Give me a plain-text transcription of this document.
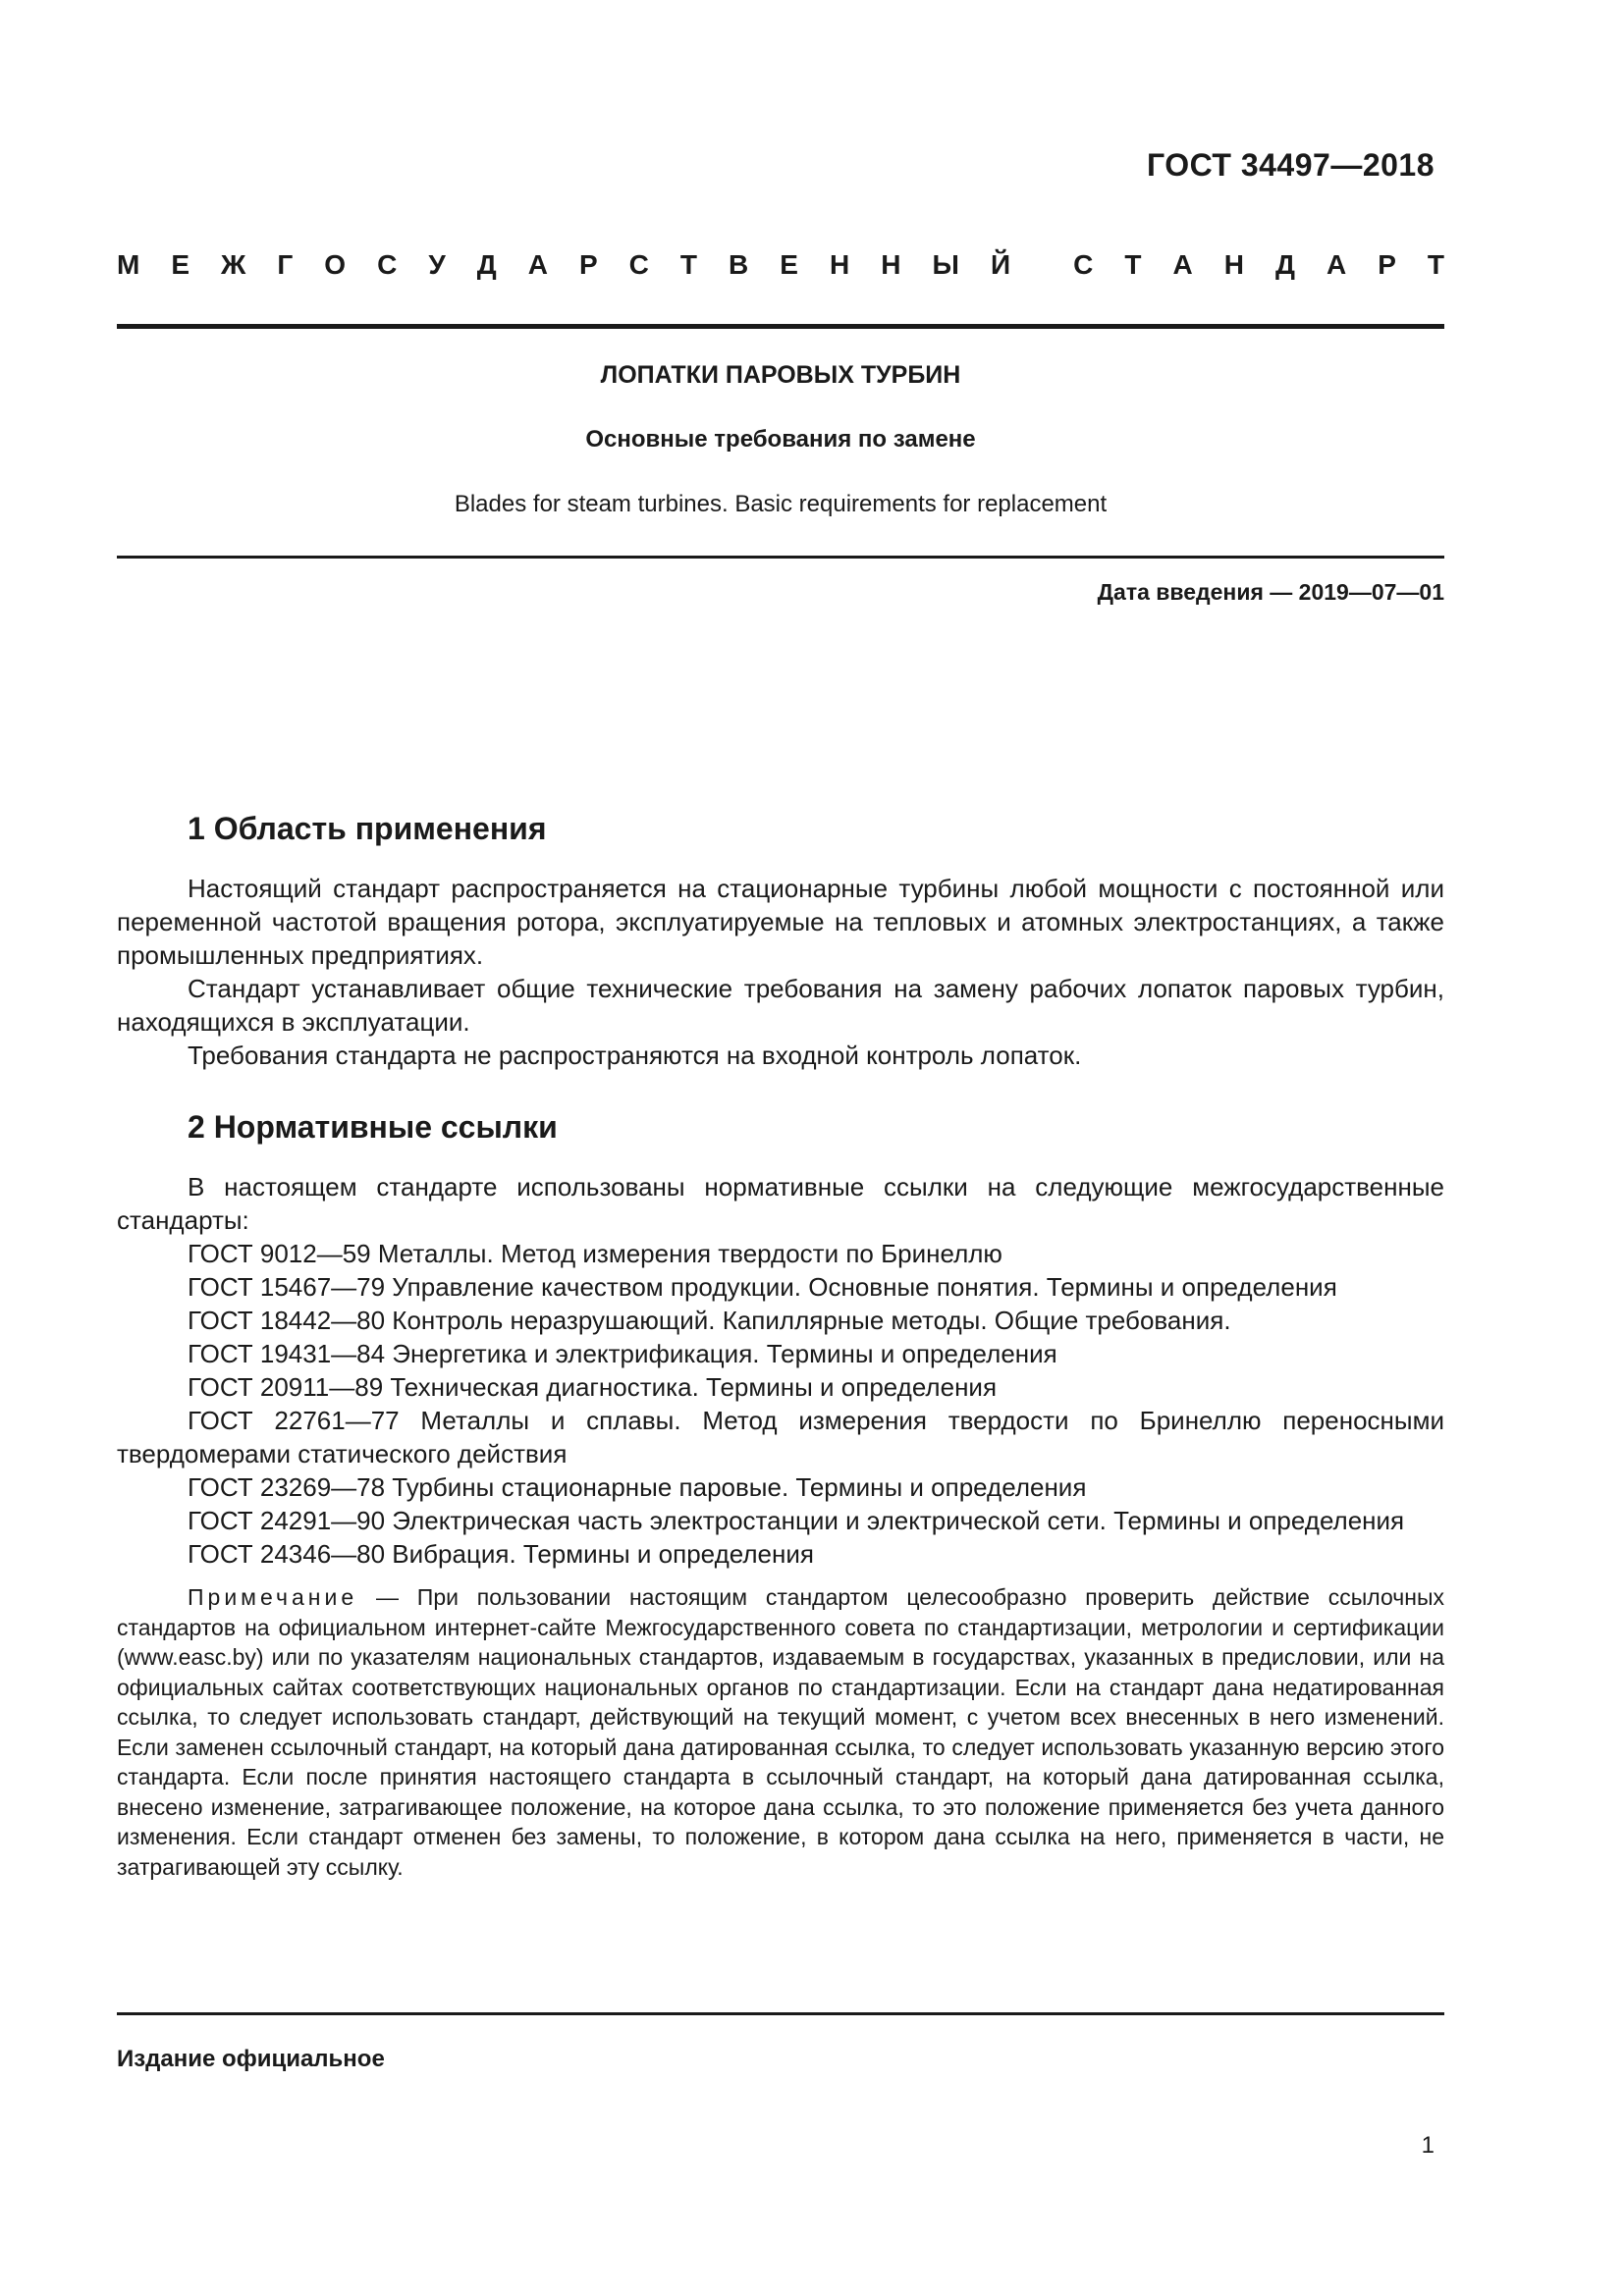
ГОСТ 34497—2018
М Е Ж Г О С У Д А Р С Т В Е Н Н Ы Й С Т А Н Д А Р Т
ЛОПАТКИ ПАРОВЫХ ТУРБИН
Основные требования по замене
Blades for steam turbines. Basic requirements for replacement
Дата введения — 2019—07—01
1 Область применения

Настоящий стандарт распространяется на стационарные турбины любой мощности с постоянной или переменной частотой вращения ротора, эксплуатируемые на тепловых и атомных электростанциях, а также промышленных предприятиях.

Стандарт устанавливает общие технические требования на замену рабочих лопаток паровых турбин, находящихся в эксплуатации.

Требования стандарта не распространяются на входной контроль лопаток.

2 Нормативные ссылки

В настоящем стандарте использованы нормативные ссылки на следующие межгосударственные стандарты:

ГОСТ 9012—59 Металлы. Метод измерения твердости по Бринеллю

ГОСТ 15467—79 Управление качеством продукции. Основные понятия. Термины и определения

ГОСТ 18442—80 Контроль неразрушающий. Капиллярные методы. Общие требования.

ГОСТ 19431—84 Энергетика и электрификация. Термины и определения

ГОСТ 20911—89 Техническая диагностика. Термины и определения

ГОСТ 22761—77 Металлы и сплавы. Метод измерения твердости по Бринеллю переносными твердомерами статического действия

ГОСТ 23269—78 Турбины стационарные паровые. Термины и определения

ГОСТ 24291—90 Электрическая часть электростанции и электрической сети. Термины и определения

ГОСТ 24346—80 Вибрация. Термины и определения

Примечание — При пользовании настоящим стандартом целесообразно проверить действие ссылочных стандартов на официальном интернет-сайте Межгосударственного совета по стандартизации, метрологии и сертификации (www.easc.by) или по указателям национальных стандартов, издаваемым в государствах, указанных в предисловии, или на официальных сайтах соответствующих национальных органов по стандартизации. Если на стандарт дана недатированная ссылка, то следует использовать стандарт, действующий на текущий момент, с учетом всех внесенных в него изменений. Если заменен ссылочный стандарт, на который дана датированная ссылка, то следует использовать указанную версию этого стандарта. Если после принятия настоящего стандарта в ссылочный стандарт, на который дана датированная ссылка, внесено изменение, затрагивающее положение, на которое дана ссылка, то это положение применяется без учета данного изменения. Если стандарт отменен без замены, то положение, в котором дана ссылка на него, применяется в части, не затрагивающей эту ссылку.
Издание официальное
1
